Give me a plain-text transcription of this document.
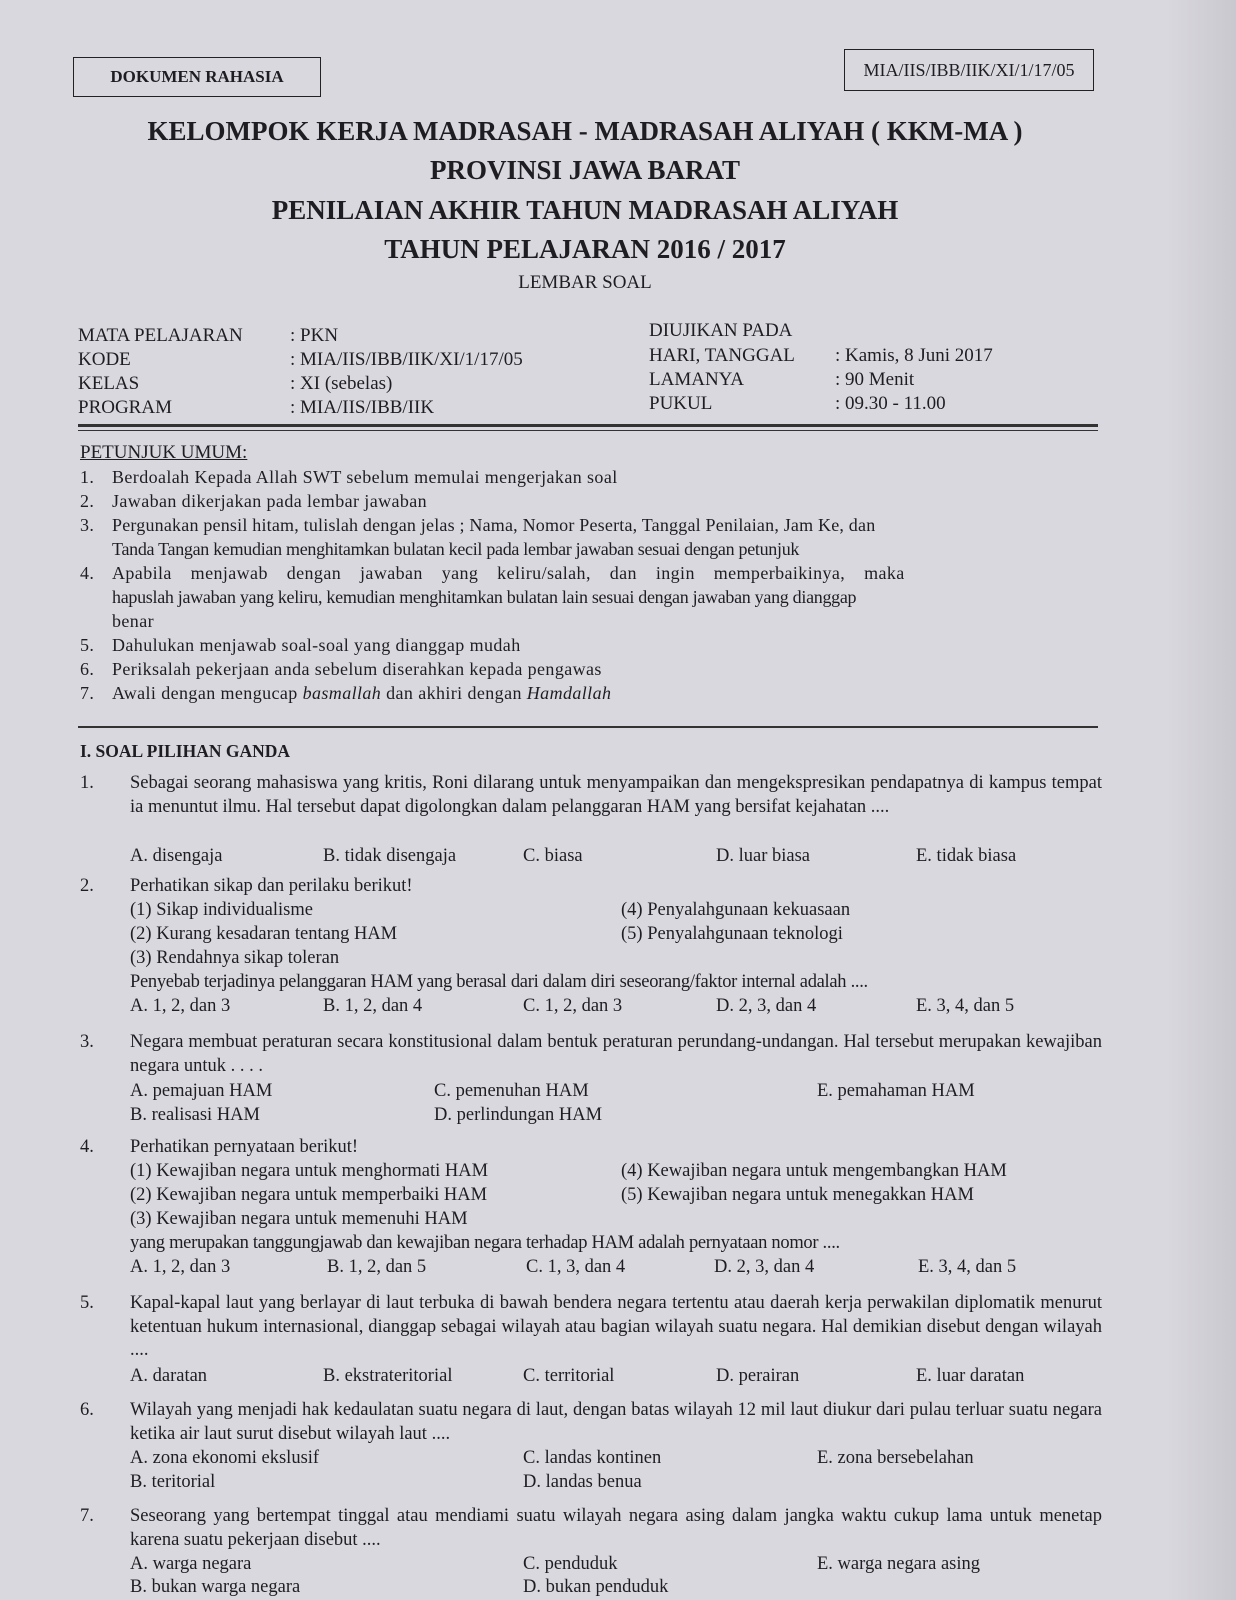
DOKUMEN RAHASIA	MIA/IIS/IBB/IIK/XI/1/17/05
KELOMPOK KERJA MADRASAH - MADRASAH ALIYAH ( KKM-MA )
PROVINSI JAWA BARAT
PENILAIAN AKHIR TAHUN MADRASAH ALIYAH
TAHUN PELAJARAN 2016 / 2017
LEMBAR SOAL
MATA PELAJARAN : PKN
KODE	: MIA/IIS/IBB/IIK/XI/1/17/05
KELAS	: XI (sebelas)
PROGRAM	: MIA/IIS/IBB/IIK
DIUJIKAN PADA
HARI, TANGGAL : Kamis, 8 Juni 2017
LAMANYA	: 90 Menit
PUKUL	: 09.30 - 11.00
PETUNJUK UMUM:
1. Berdoalah Kepada Allah SWT sebelum memulai mengerjakan soal
2. Jawaban dikerjakan pada lembar jawaban
3. Pergunakan pensil hitam, tulislah dengan jelas ; Nama, Nomor Peserta, Tanggal Penilaian, Jam Ke, dan
Tanda Tangan kemudian menghitamkan bulatan kecil pada lembar jawaban sesuai dengan petunjuk
4. Apabila menjawab dengan jawaban yang keliru/salah, dan ingin memperbaikinya, maka
hapuslah jawaban yang keliru, kemudian menghitamkan bulatan lain sesuai dengan jawaban yang dianggap
benar
5. Dahulukan menjawab soal-soal yang dianggap mudah
6. Periksalah pekerjaan anda sebelum diserahkan kepada pengawas
7. Awali dengan mengucap basmallah dan akhiri dengan Hamdallah
I. SOAL PILIHAN GANDA
1. Sebagai seorang mahasiswa yang kritis, Roni dilarang untuk menyampaikan dan mengekspresikan pendapatnya di kampus tempat ia menuntut ilmu. Hal tersebut dapat digolongkan dalam pelanggaran HAM yang bersifat kejahatan ....
A. disengaja	B. tidak disengaja	C. biasa	D. luar biasa	E. tidak biasa
2. Perhatikan sikap dan perilaku berikut!
(1) Sikap individualisme
(2) Kurang kesadaran tentang HAM
(3) Rendahnya sikap toleran
(4) Penyalahgunaan kekuasaan
(5) Penyalahgunaan teknologi
Penyebab terjadinya pelanggaran HAM yang berasal dari dalam diri seseorang/faktor internal adalah ....
A. 1, 2, dan 3	B. 1, 2, dan 4	C. 1, 2, dan 3	D. 2, 3, dan 4	E. 3, 4, dan 5
3. Negara membuat peraturan secara konstitusional dalam bentuk peraturan perundang-undangan. Hal tersebut merupakan kewajiban negara untuk . . . .
A. pemajuan HAM
B. realisasi HAM
C. pemenuhan HAM
D. perlindungan HAM
E. pemahaman HAM
4. Perhatikan pernyataan berikut!
(1) Kewajiban negara untuk menghormati HAM
(2) Kewajiban negara untuk memperbaiki HAM
(3) Kewajiban negara untuk memenuhi HAM
(4) Kewajiban negara untuk mengembangkan HAM
(5) Kewajiban negara untuk menegakkan HAM
yang merupakan tanggungjawab dan kewajiban negara terhadap HAM adalah pernyataan nomor ....
A. 1, 2, dan 3	B. 1, 2, dan 5	C. 1, 3, dan 4	D. 2, 3, dan 4	E. 3, 4, dan 5
5. Kapal-kapal laut yang berlayar di laut terbuka di bawah bendera negara tertentu atau daerah kerja perwakilan diplomatik menurut ketentuan hukum internasional, dianggap sebagai wilayah atau bagian wilayah suatu negara. Hal demikian disebut dengan wilayah ....
A. daratan	B. ekstrateritorial	C. territorial	D. perairan	E. luar daratan
6. Wilayah yang menjadi hak kedaulatan suatu negara di laut, dengan batas wilayah 12 mil laut diukur dari pulau terluar suatu negara ketika air laut surut disebut wilayah laut ....
A. zona ekonomi ekslusif
B. teritorial
C. landas kontinen
D. landas benua
E. zona bersebelahan
7. Seseorang yang bertempat tinggal atau mendiami suatu wilayah negara asing dalam jangka waktu cukup lama untuk menetap karena suatu pekerjaan disebut ....
A. warga negara
B. bukan warga negara
C. penduduk
D. bukan penduduk
E. warga negara asing
